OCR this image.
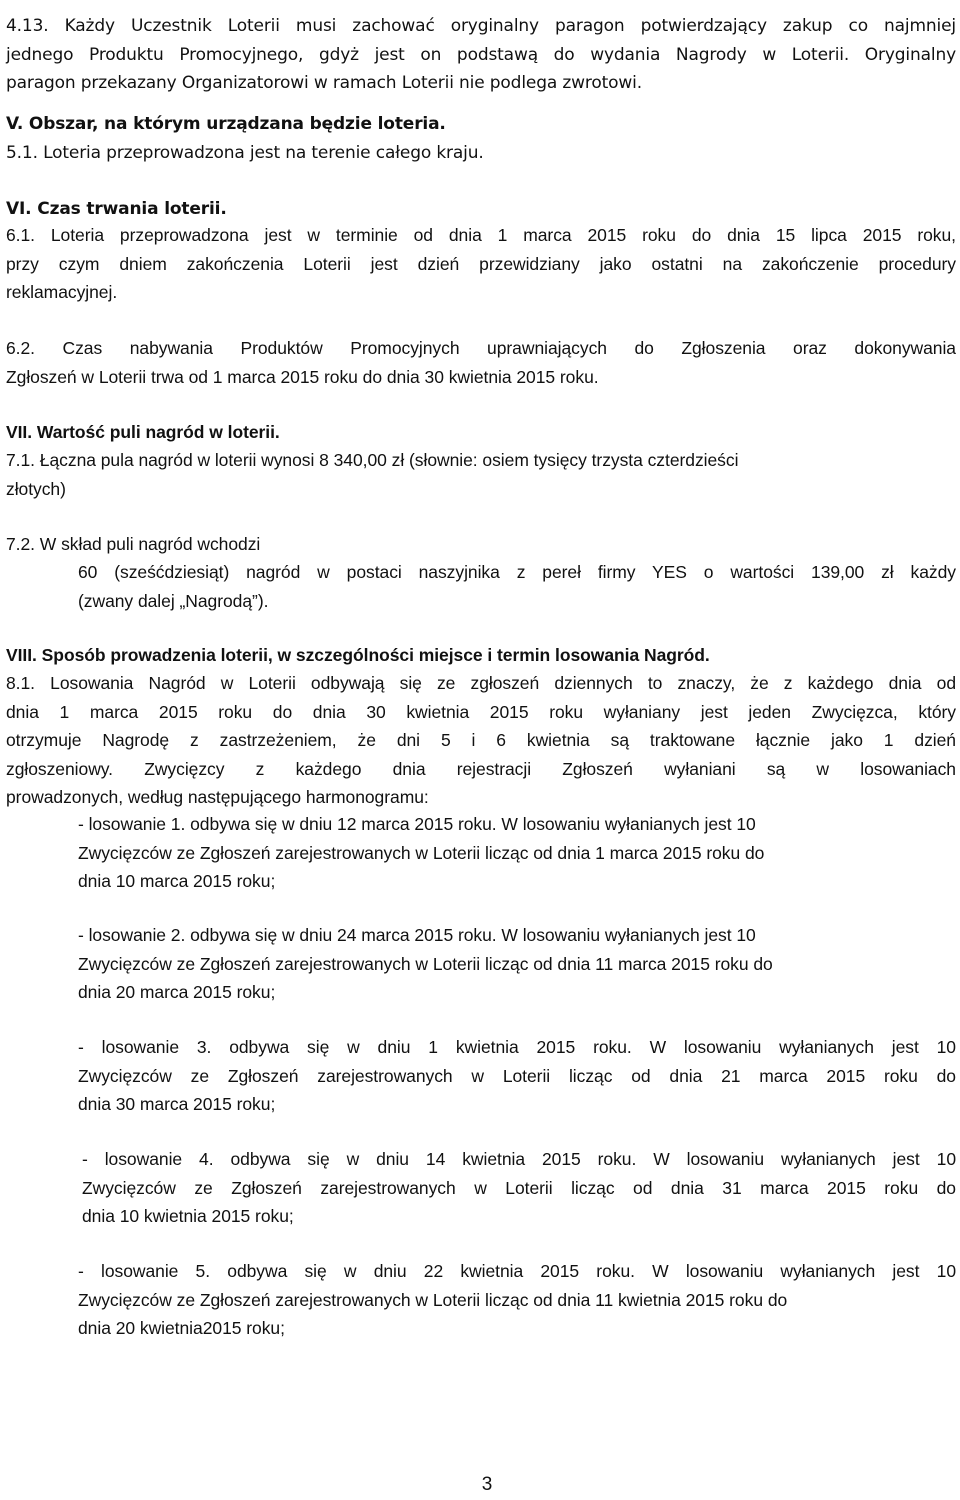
4.13. Każdy Uczestnik Loterii musi zachować oryginalny paragon potwierdzający zakup co najmniej
jednego Produktu Promocyjnego, gdyż jest on podstawą do wydania Nagrody w Loterii. Oryginalny
paragon przekazany Organizatorowi w ramach Loterii nie podlega zwrotowi.
V. Obszar, na którym urządzana będzie loteria.
5.1. Loteria przeprowadzona jest na terenie całego kraju.
VI. Czas trwania loterii.
6.1. Loteria przeprowadzona jest w terminie od dnia 1 marca 2015 roku do dnia 15 lipca 2015 roku,
przy czym dniem zakończenia Loterii jest dzień przewidziany jako ostatni na zakończenie procedury
reklamacyjnej.
6.2. Czas nabywania Produktów Promocyjnych uprawniających do Zgłoszenia oraz dokonywania
Zgłoszeń w Loterii trwa od 1 marca 2015 roku do dnia 30 kwietnia 2015 roku.
VII. Wartość puli nagród w loterii.
7.1. Łączna pula nagród w loterii wynosi 8 340,00 zł (słownie: osiem tysięcy trzysta czterdzieści
złotych)
7.2. W skład puli nagród wchodzi
60 (sześćdziesiąt) nagród w postaci naszyjnika z pereł firmy YES o wartości 139,00 zł każdy
(zwany dalej „Nagrodą”).
VIII. Sposób prowadzenia loterii, w szczególności miejsce i termin losowania Nagród.
8.1. Losowania Nagród w Loterii odbywają się ze zgłoszeń dziennych to znaczy, że z każdego dnia od
dnia 1 marca 2015 roku do dnia 30 kwietnia 2015 roku wyłaniany jest jeden Zwycięzca, który
otrzymuje Nagrodę z zastrzeżeniem, że dni 5 i 6 kwietnia są traktowane łącznie jako 1 dzień
zgłoszeniowy. Zwycięzcy z każdego dnia rejestracji Zgłoszeń wyłaniani są w losowaniach
prowadzonych, według następującego harmonogramu:
- losowanie 1. odbywa się w dniu 12 marca 2015 roku. W losowaniu wyłanianych jest 10
Zwycięzców ze Zgłoszeń zarejestrowanych w Loterii licząc od dnia 1 marca 2015 roku do
dnia 10 marca 2015 roku;
- losowanie 2. odbywa się w dniu 24 marca 2015 roku. W losowaniu wyłanianych jest 10
Zwycięzców ze Zgłoszeń zarejestrowanych w Loterii licząc od dnia 11 marca 2015 roku do
dnia 20 marca 2015 roku;
- losowanie 3. odbywa się w dniu 1 kwietnia 2015 roku. W losowaniu wyłanianych jest 10
Zwycięzców ze Zgłoszeń zarejestrowanych w Loterii licząc od dnia 21 marca 2015 roku do
dnia 30 marca 2015 roku;
- losowanie 4. odbywa się w dniu 14 kwietnia 2015 roku. W losowaniu wyłanianych jest 10
Zwycięzców ze Zgłoszeń zarejestrowanych w Loterii licząc od dnia 31 marca 2015 roku do
dnia 10 kwietnia 2015 roku;
- losowanie 5. odbywa się w dniu 22 kwietnia 2015 roku. W losowaniu wyłanianych jest 10
Zwycięzców ze Zgłoszeń zarejestrowanych w Loterii licząc od dnia 11 kwietnia 2015 roku do
dnia 20 kwietnia2015 roku;
3
